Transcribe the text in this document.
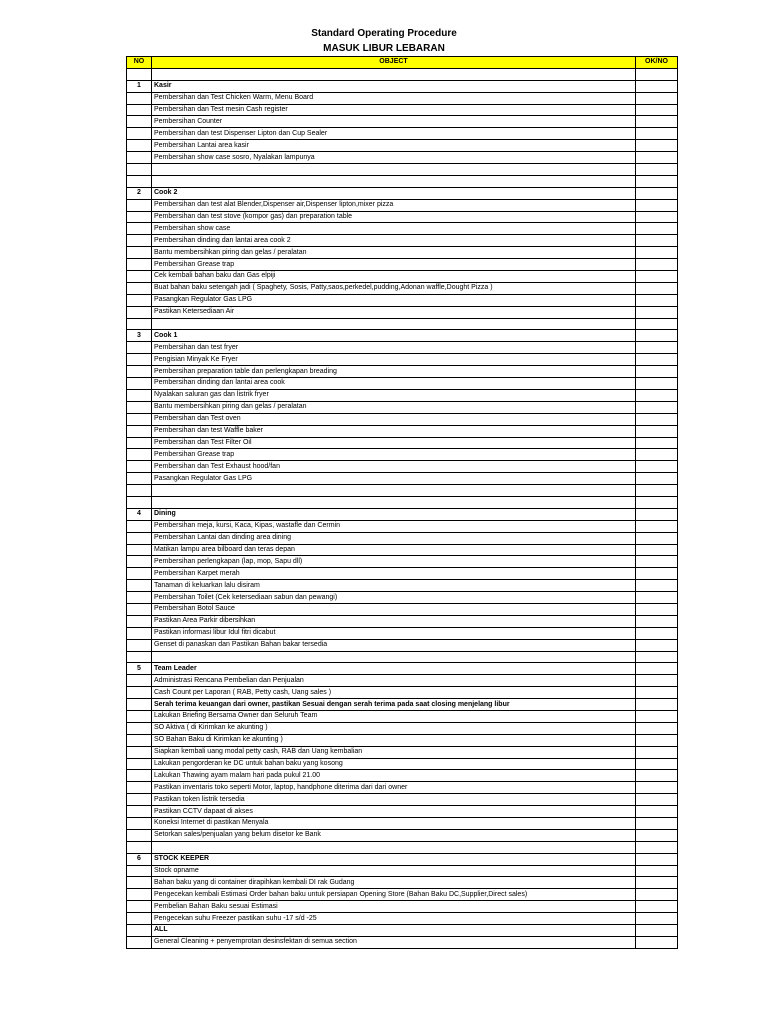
Standard Operating Procedure
MASUK LIBUR LEBARAN
NO	OBJECT	OK/NO

1	Kasir	
	Pembersihan dan Test Chicken Warm, Menu Board	
	Pembersihan dan Test mesin Cash register	
	Pembersihan Counter	
	Pembersihan dan test Dispenser Lipton dan Cup Sealer	
	Pembersihan Lantai area kasir	
	Pembersihan show case sosro, Nyalakan lampunya	

2	Cook 2	
	Pembersihan dan test alat Blender,Dispenser air,Dispenser lipton,mixer pizza	
	Pembersihan dan test stove (kompor gas) dan preparation table	
	Pembersihan show case	
	Pembersihan dinding dan lantai area cook 2	
	Bantu membersihkan piring dan gelas / peralatan	
	Pembersihan Grease trap	
	Cek kembali bahan baku dan Gas elpiji	
	Buat bahan baku setengah jadi ( Spaghety, Sosis, Patty,saos,perkedel,pudding,Adonan waffle,Dought Pizza )	
	Pasangkan Regulator Gas LPG	
	Pastikan Ketersediaan Air	

3	Cook 1	
	Pembersihan dan test fryer	
	Pengisian Minyak Ke Fryer	
	Pembersihan preparation table dan perlengkapan breading	
	Pembersihan dinding dan lantai area cook	
	Nyalakan saluran gas dan listrik fryer	
	Bantu membersihkan piring dan gelas / peralatan	
	Pembersihan dan Test oven	
	Pembersihan dan test Waffle baker	
	Pembersihan dan Test Filter Oil	
	Pembersihan Grease trap	
	Pembersihan dan Test Exhaust hood/fan	
	Pasangkan Regulator Gas LPG	

4	Dining	
	Pembersihan meja, kursi, Kaca, Kipas, wastafle dan Cermin	
	Pembersihan Lantai dan dinding area dining	
	Matikan lampu area bilboard dan teras depan	
	Pembersihan perlengkapan (lap, mop, Sapu dll)	
	Pembersihan Karpet merah	
	Tanaman di keluarkan lalu disiram	
	Pembersihan Toilet (Cek ketersediaan sabun dan pewangi)	
	Pembersihan Botol Sauce	
	Pastikan Area Parkir dibersihkan	
	Pastikan informasi libur Idul fitri dicabut	
	Genset di panaskan dan Pastikan Bahan bakar tersedia	

5	Team Leader	
	Administrasi Rencana Pembelian dan Penjualan	
	Cash Count per Laporan ( RAB, Petty cash, Uang sales )	
	Serah terima keuangan dari owner, pastikan Sesuai dengan serah terima pada saat closing menjelang libur	
	Lakukan Briefing Bersama Owner dan Seluruh Team	
	SO Aktiva ( di Kirimkan ke akunting )	
	SO Bahan Baku di Kirimkan ke akunting )	
	Siapkan kembali uang modal petty cash, RAB dan Uang kembalian	
	Lakukan pengorderan ke DC untuk bahan baku yang kosong	
	Lakukan Thawing ayam malam hari pada pukul 21.00	
	Pastikan inventaris toko seperti Motor, laptop, handphone diterima dari dari owner	
	Pastikan token listrik tersedia	
	Pastikan CCTV dapaat di akses	
	Koneksi Internet di pastikan Menyala	
	Setorkan sales/penjualan yang belum disetor ke Bank	

6	STOCK KEEPER	
	Stock opname	
	Bahan baku yang di container dirapihkan kembali DI rak Gudang	
	Pengecekan kembali Estimasi Order bahan baku untuk persiapan Opening Store (Bahan Baku DC,Supplier,Direct sales)	
	Pembelian Bahan Baku sesuai Estimasi	
	Pengecekan suhu Freezer pastikan suhu -17 s/d -25	
	ALL	
	General Cleaning + penyemprotan desinsfektan di semua section	
